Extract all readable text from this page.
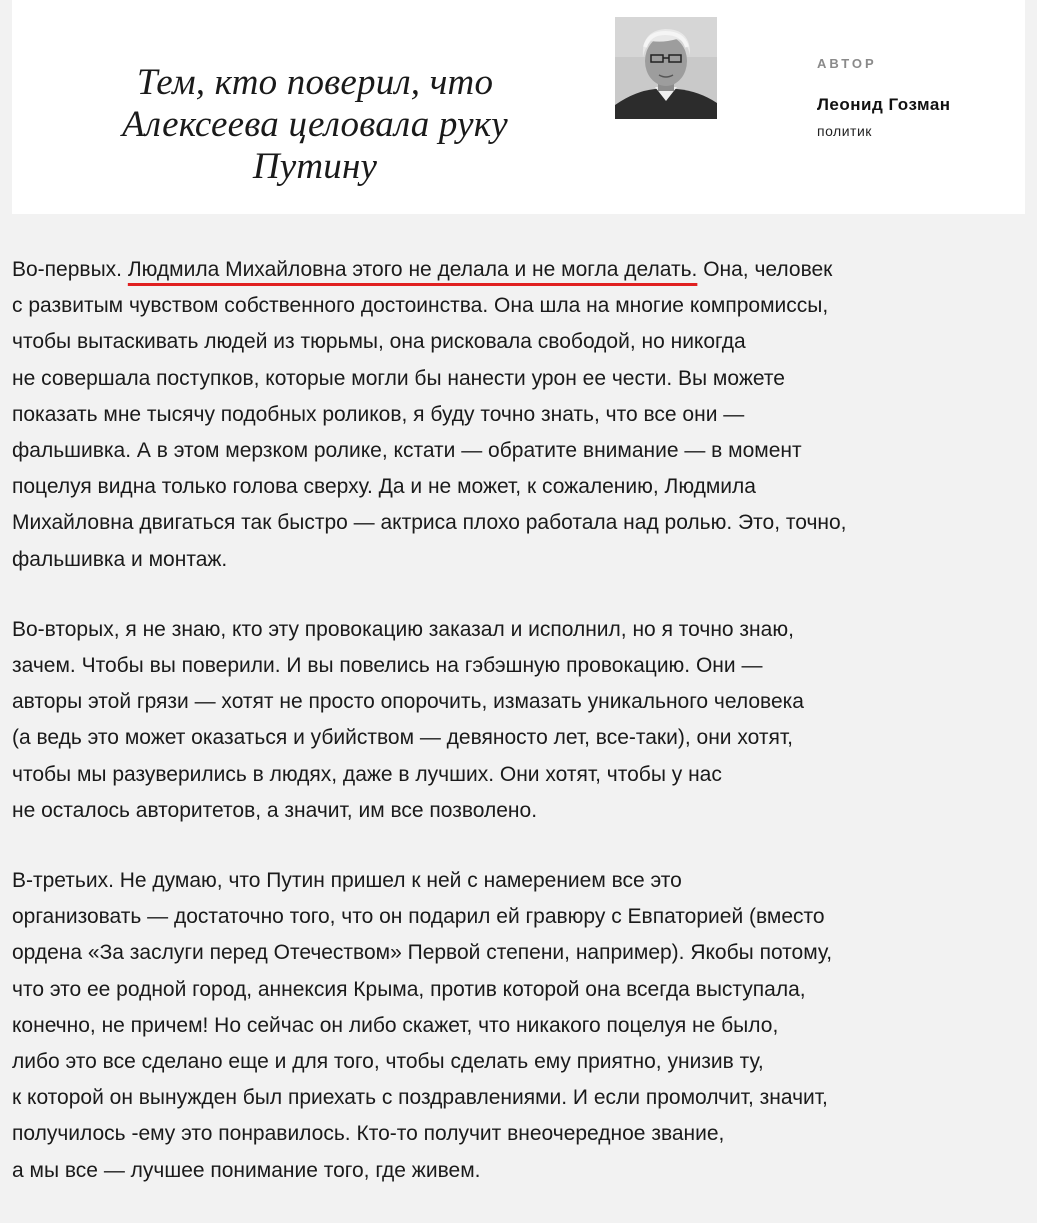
Тем, кто поверил, что
Алексеева целовала руку
Путину
АВТОР
Леонид Гозман
политик

Во-первых. Людмила Михайловна этого не делала и не могла делать. Она, человек
с развитым чувством собственного достоинства. Она шла на многие компромиссы,
чтобы вытаскивать людей из тюрьмы, она рисковала свободой, но никогда
не совершала поступков, которые могли бы нанести урон ее чести. Вы можете
показать мне тысячу подобных роликов, я буду точно знать, что все они —
фальшивка. А в этом мерзком ролике, кстати — обратите внимание — в момент
поцелуя видна только голова сверху. Да и не может, к сожалению, Людмила
Михайловна двигаться так быстро — актриса плохо работала над ролью. Это, точно,
фальшивка и монтаж.

Во-вторых, я не знаю, кто эту провокацию заказал и исполнил, но я точно знаю,
зачем. Чтобы вы поверили. И вы повелись на гэбэшную провокацию. Они —
авторы этой грязи — хотят не просто опорочить, измазать уникального человека
(а ведь это может оказаться и убийством — девяносто лет, все-таки), они хотят,
чтобы мы разуверились в людях, даже в лучших. Они хотят, чтобы у нас
не осталось авторитетов, а значит, им все позволено.

В-третьих. Не думаю, что Путин пришел к ней с намерением все это
организовать — достаточно того, что он подарил ей гравюру с Евпаторией (вместо
ордена «За заслуги перед Отечеством» Первой степени, например). Якобы потому,
что это ее родной город, аннексия Крыма, против которой она всегда выступала,
конечно, не причем! Но сейчас он либо скажет, что никакого поцелуя не было,
либо это все сделано еще и для того, чтобы сделать ему приятно, унизив ту,
к которой он вынужден был приехать с поздравлениями. И если промолчит, значит,
получилось -ему это понравилось. Кто-то получит внеочередное звание,
а мы все — лучшее понимание того, где живем.
